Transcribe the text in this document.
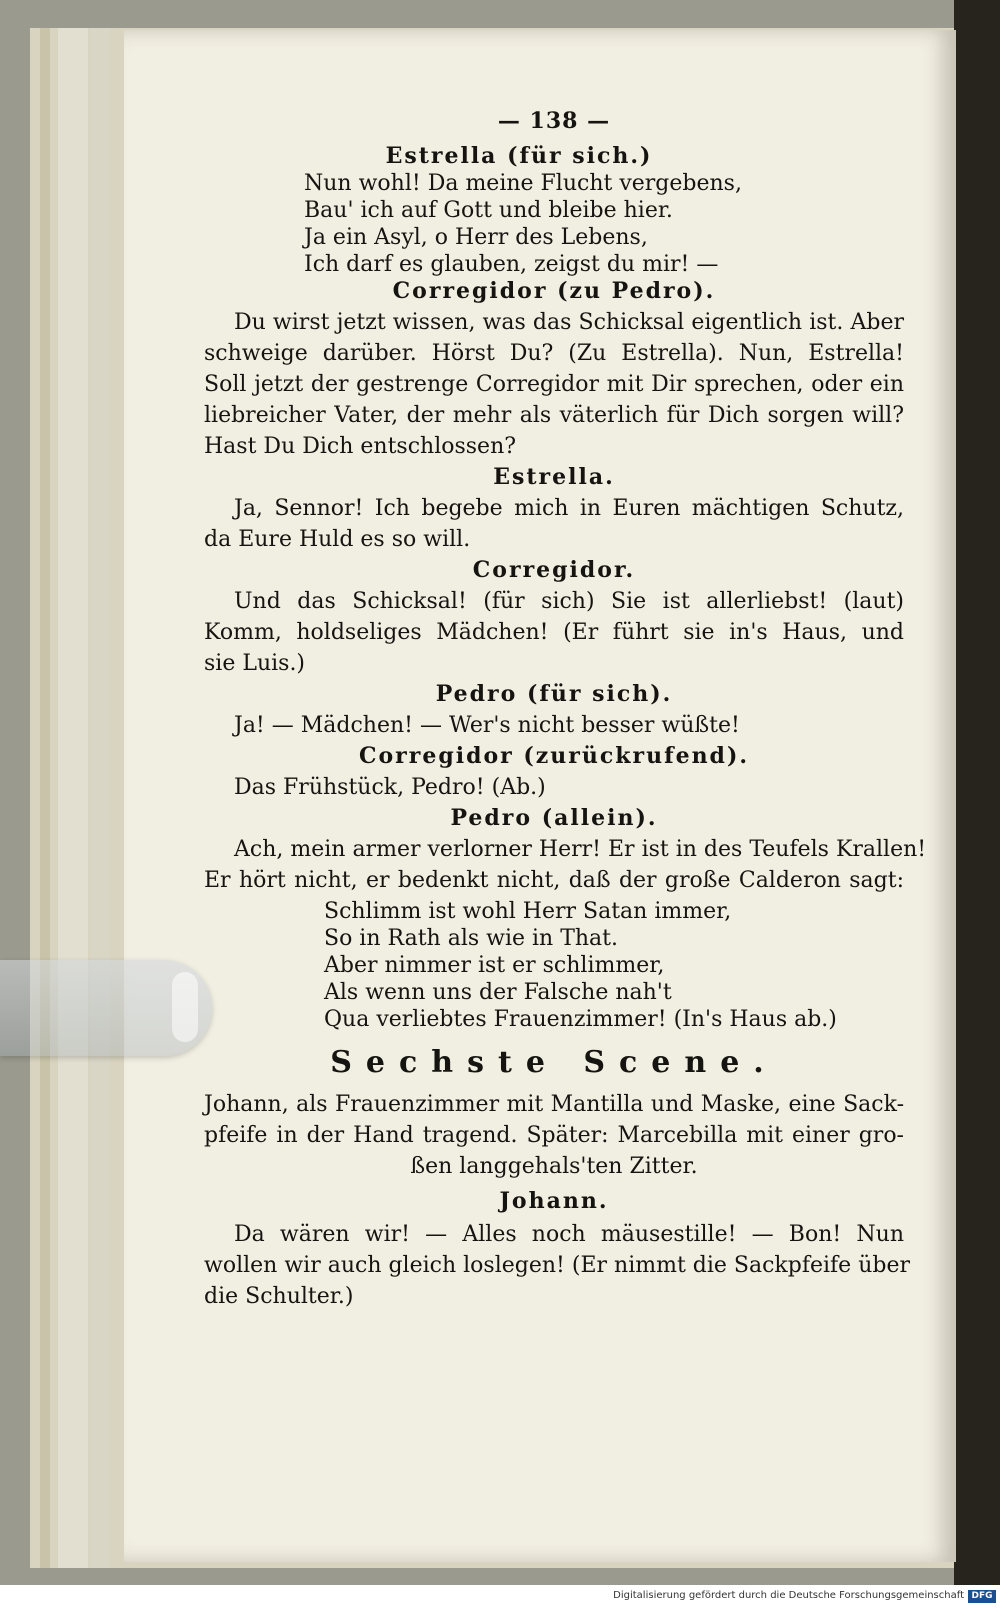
— 138 —
Estrella (für sich.)
Nun wohl! Da meine Flucht vergebens,
Bau' ich auf Gott und bleibe hier.
Ja ein Asyl, o Herr des Lebens,
Ich darf es glauben, zeigst du mir! —
Corregidor (zu Pedro).
Du wirst jetzt wissen, was das Schicksal eigentlich ist. Aber
schweige darüber. Hörst Du? (Zu Estrella). Nun, Estrella!
Soll jetzt der gestrenge Corregidor mit Dir sprechen, oder ein
liebreicher Vater, der mehr als väterlich für Dich sorgen will?
Hast Du Dich entschlossen?
Estrella.
Ja, Sennor! Ich begebe mich in Euren mächtigen Schutz,
da Eure Huld es so will.
Corregidor.
Und das Schicksal! (für sich) Sie ist allerliebst! (laut)
Komm, holdseliges Mädchen! (Er führt sie in's Haus, und
sie Luis.)
Pedro (für sich).
Ja! — Mädchen! — Wer's nicht besser wüßte!
Corregidor (zurückrufend).
Das Frühstück, Pedro! (Ab.)
Pedro (allein).
Ach, mein armer verlorner Herr! Er ist in des Teufels Krallen!
Er hört nicht, er bedenkt nicht, daß der große Calderon sagt:
Schlimm ist wohl Herr Satan immer,
So in Rath als wie in That.
Aber nimmer ist er schlimmer,
Als wenn uns der Falsche nah't
Qua verliebtes Frauenzimmer! (In's Haus ab.)
Sechste Scene.
Johann, als Frauenzimmer mit Mantilla und Maske, eine Sack-
pfeife in der Hand tragend. Später: Marcebilla mit einer gro-
ßen langgehals'ten Zitter.
Johann.
Da wären wir! — Alles noch mäusestille! — Bon! Nun
wollen wir auch gleich loslegen! (Er nimmt die Sackpfeife über
die Schulter.)
Digitalisierung gefördert durch die Deutsche Forschungsgemeinschaft DFG
